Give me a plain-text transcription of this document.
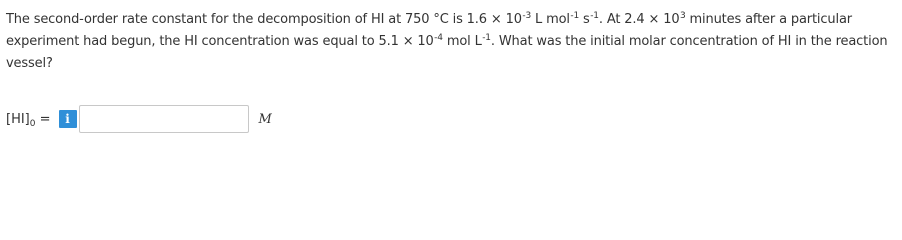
The second-order rate constant for the decomposition of HI at 750 °C is $1.6 \times 10^{-3}$ L mol$^{-1}$ $s^{-1}$. At $2.4 \times 10^3$ minutes after a particular experiment had begun, the HI concentration was equal to $5.1 \times 10^{-4}$ mol $L^{-1}$. What was the initial molar concentration of HI in the reaction vessel?

$[HI]_0 = i$	M
